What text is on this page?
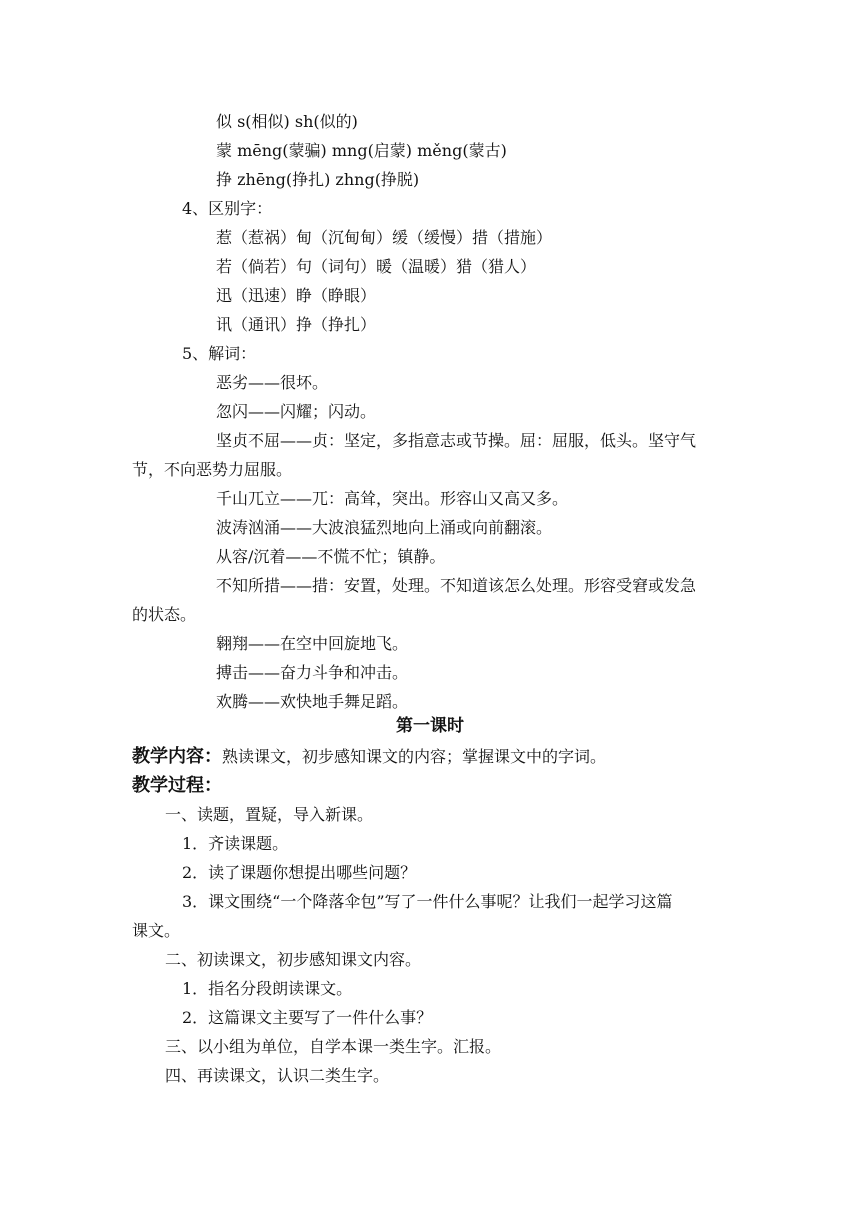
似 s(相似) sh(似的)
蒙 mēng(蒙骗) mng(启蒙) měng(蒙古)
挣 zhēng(挣扎) zhng(挣脱)
4、区别字：
惹（惹祸）甸（沉甸甸）缓（缓慢）措（措施）
若（倘若）句（词句）暖（温暖）猎（猎人）
迅（迅速）睁（睁眼）
讯（通讯）挣（挣扎）
5、解词：
恶劣——很坏。
忽闪——闪耀；闪动。
坚贞不屈——贞：坚定，多指意志或节操。屈：屈服，低头。坚守气
节，不向恶势力屈服。
千山兀立——兀：高耸，突出。形容山又高又多。
波涛汹涌——大波浪猛烈地向上涌或向前翻滚。
从容/沉着——不慌不忙；镇静。
不知所措——措：安置，处理。不知道该怎么处理。形容受窘或发急
的状态。
翱翔——在空中回旋地飞。
搏击——奋力斗争和冲击。
欢腾——欢快地手舞足蹈。
第一课时
教学内容：熟读课文，初步感知课文的内容；掌握课文中的字词。
教学过程：
一、读题，置疑，导入新课。
1．齐读课题。
2．读了课题你想提出哪些问题？
3．课文围绕“一个降落伞包”写了一件什么事呢？让我们一起学习这篇
课文。
二、初读课文，初步感知课文内容。
1．指名分段朗读课文。
2．这篇课文主要写了一件什么事？
三、以小组为单位，自学本课一类生字。汇报。
四、再读课文，认识二类生字。
